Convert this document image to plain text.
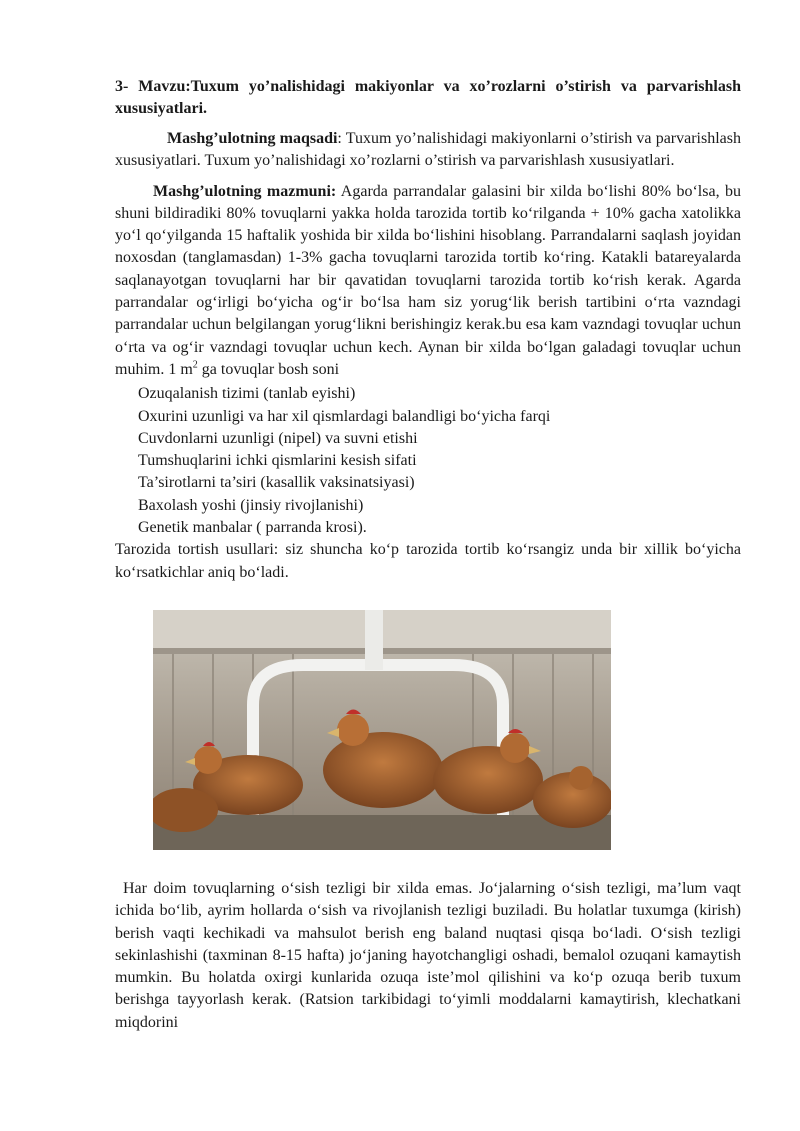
3- Mavzu:Tuxum yo’nalishidagi makiyonlar va xo’rozlarni o’stirish va parvarishlash xususiyatlari.

Mashg’ulotning maqsadi: Tuxum yo’nalishidagi makiyonlarni o’stirish va parvarishlash xususiyatlari. Tuxum yo’nalishidagi xo’rozlarni o’stirish va parvarishlash xususiyatlari.

Mashg’ulotning mazmuni: Agarda parrandalar galasini bir xilda bo‘lishi 80% bo‘lsa, bu shuni bildiradiki 80% tovuqlarni yakka holda tarozida tortib ko‘rilganda + 10% gacha xatolikka yo‘l qo‘yilganda 15 haftalik yoshida bir xilda bo‘lishini hisoblang. Parrandalarni saqlash joyidan noxosdan (tanglamasdan) 1-3% gacha tovuqlarni tarozida tortib ko‘ring. Katakli batareyalarda saqlanayotgan tovuqlarni har bir qavatidan tovuqlarni tarozida tortib ko‘rish kerak. Agarda parrandalar og‘irligi bo‘yicha og‘ir bo‘lsa ham siz yorug‘lik berish tartibini o‘rta vazndagi parrandalar uchun belgilangan yorug‘likni berishingiz kerak.bu esa kam vazndagi tovuqlar uchun o‘rta va og‘ir vazndagi tovuqlar uchun kech. Aynan bir xilda bo‘lgan galadagi tovuqlar uchun muhim. 1 $m^2$ ga tovuqlar bosh soni

Ozuqalanish tizimi (tanlab eyishi)
Oxurini uzunligi va har xil qismlardagi balandligi bo‘yicha farqi
Cuvdonlarni uzunligi (nipel) va suvni etishi
Tumshuqlarini ichki qismlarini kesish sifati
Ta’sirotlarni ta’siri (kasallik vaksinatsiyasi)
Baxolash yoshi (jinsiy rivojlanishi)
Genetik manbalar ( parranda krosi).

Tarozida tortish usullari: siz shuncha ko‘p tarozida tortib ko‘rsangiz unda bir xillik bo‘yicha ko‘rsatkichlar aniq bo‘ladi.

Har doim tovuqlarning o‘sish tezligi bir xilda emas. Jo‘jalarning o‘sish tezligi, ma’lum vaqt ichida bo‘lib, ayrim hollarda o‘sish va rivojlanish tezligi buziladi. Bu holatlar tuxumga (kirish) berish vaqti kechikadi va mahsulot berish eng baland nuqtasi qisqa bo‘ladi. O‘sish tezligi sekinlashishi (taxminan 8-15 hafta) jo‘janing hayotchangligi oshadi, bemalol ozuqani kamaytish mumkin. Bu holatda oxirgi kunlarida ozuqa iste’mol qilishini va ko‘p ozuqa berib tuxum berishga tayyorlash kerak. (Ratsion tarkibidagi to‘yimli moddalarni kamaytirish, klechatkani miqdorini
